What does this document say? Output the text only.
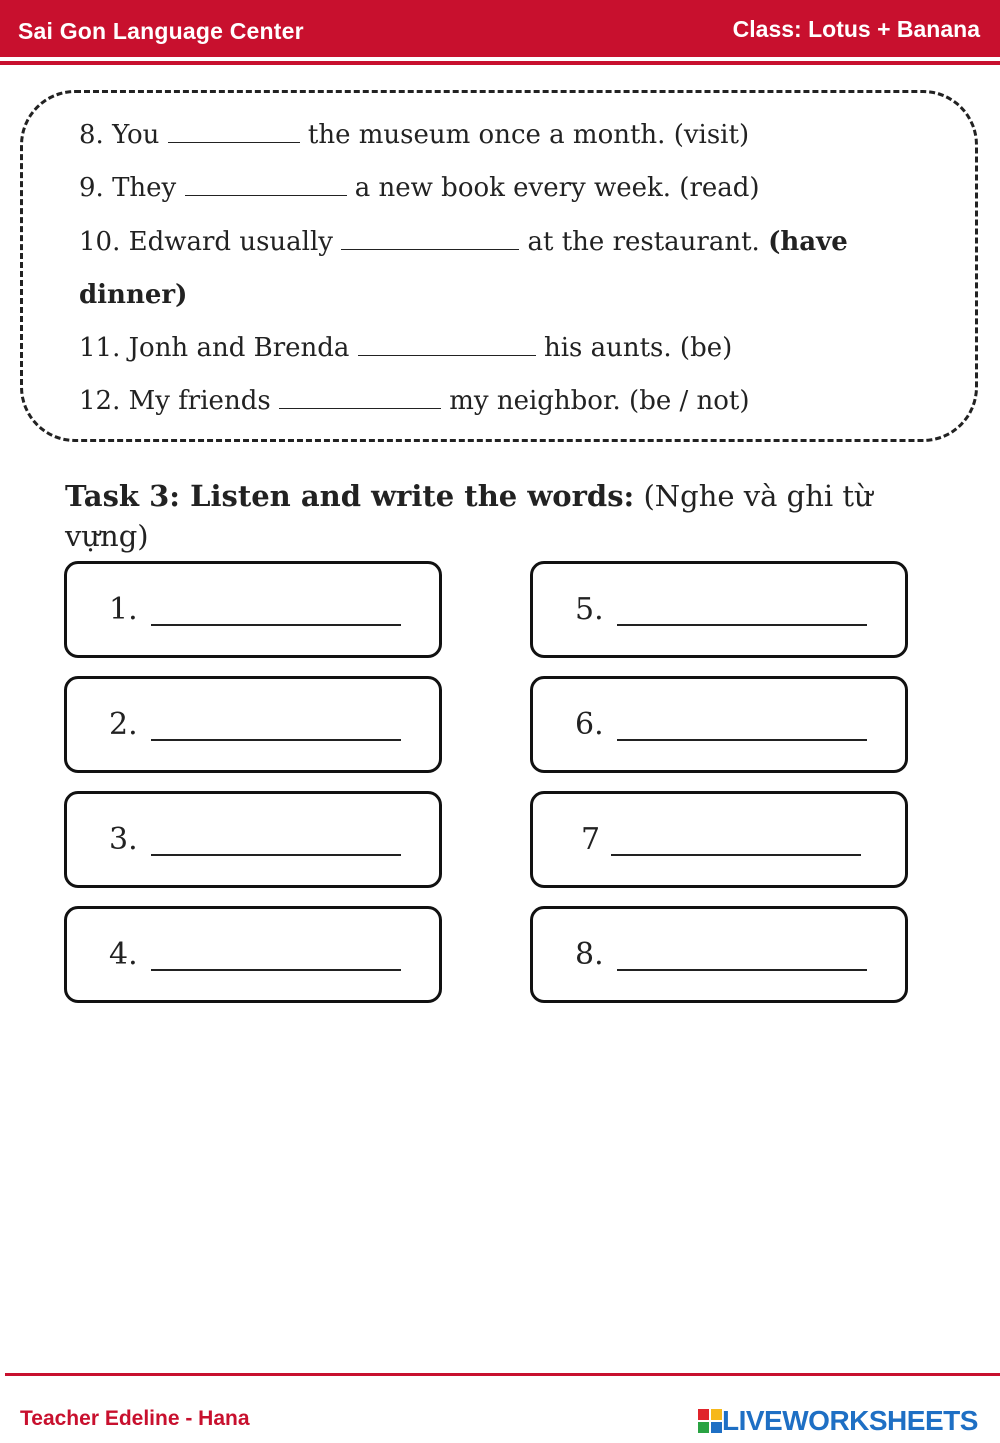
Sai Gon Language Center	Class: Lotus + Banana
8. You	the museum once a month. (visit)
9. They	a new book every week. (read)
10. Edward usually	at the restaurant. (have
dinner)
11. Jonh and Brenda	his aunts. (be)
12. My friends	my neighbor. (be / not)
Task 3: Listen and write the words: (Nghe và ghi từ vựng)
1.
2.
3.
4.
5.
6.
7
8.
Teacher Edeline - Hana	LIVEWORKSHEETS
